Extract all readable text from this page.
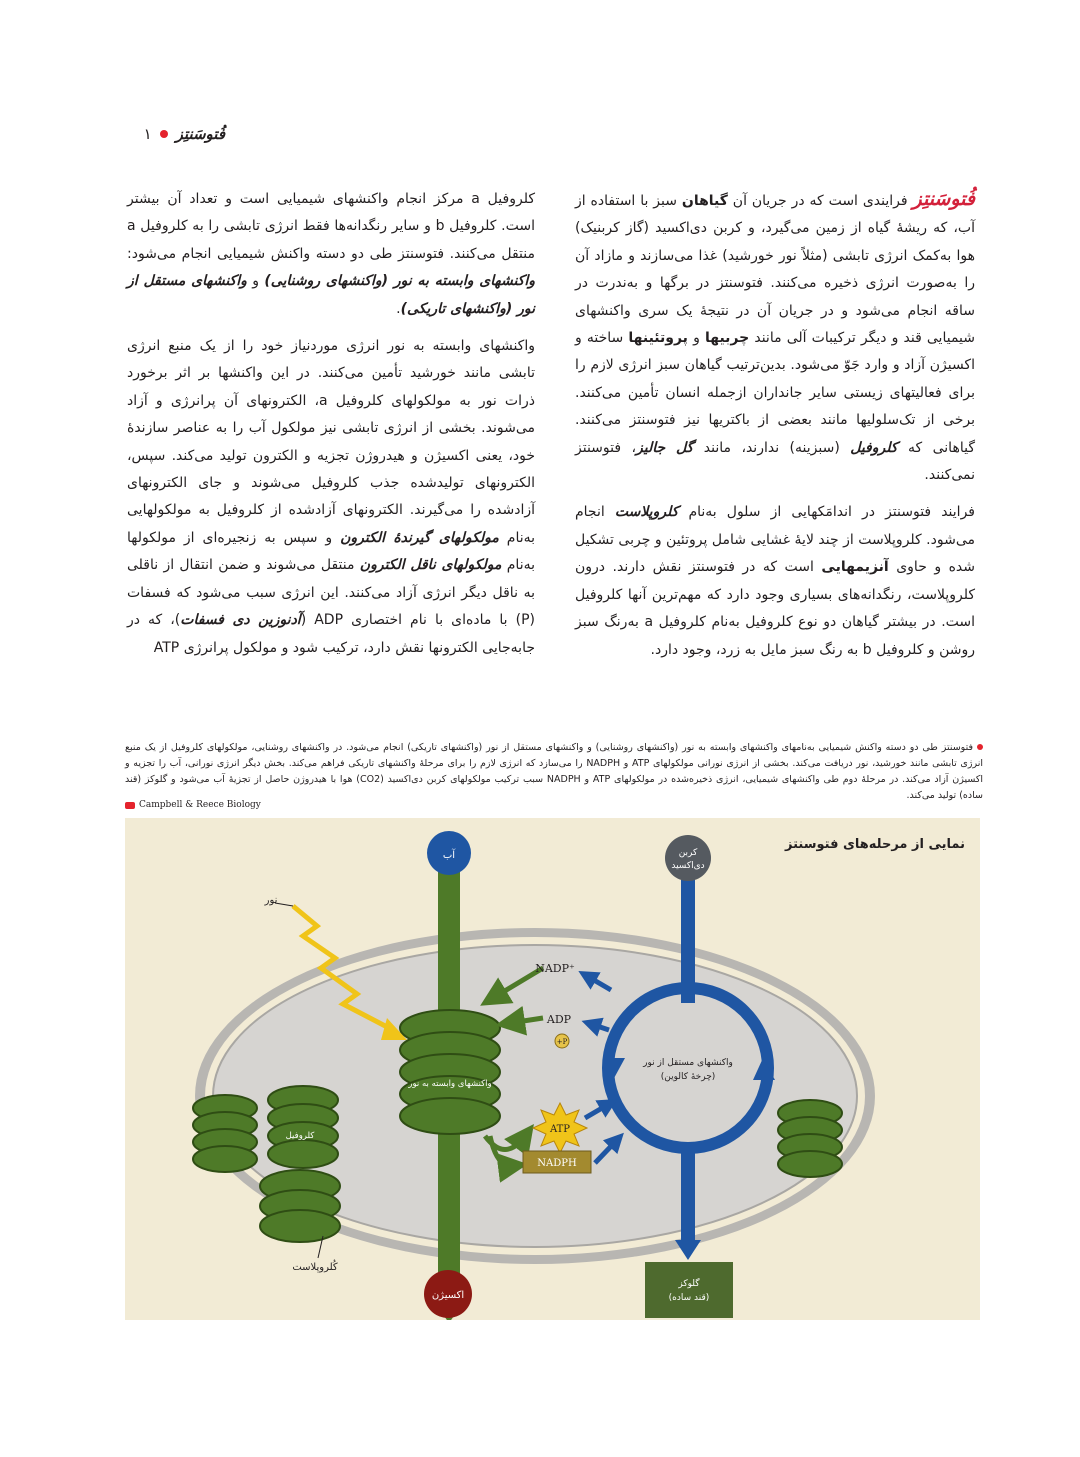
فُتوسَنتِز
۱

فُتوسَنتِز فرایندی است که در جریان آن گیاهان سبز با استفاده از آب، که ریشهٔ گیاه از زمین می‌گیرد، و کربن دی‌اکسید (گاز کربنیک) هوا به‌کمک انرژی تابشی (مثلاً نور خورشید) غذا می‌سازند و مازاد آن را به‌صورت انرژی ذخیره می‌کنند. فتوسنتز در برگها و به‌ندرت در ساقه انجام می‌شود و در جریان آن در نتیجهٔ یک سری واکنشهای شیمیایی قند و دیگر ترکیبات آلی مانند چربیها و پروتئینها ساخته و اکسیژن آزاد و وارد جَوّ می‌شود. بدین‌ترتیب گیاهان سبز انرژی لازم را برای فعالیتهای زیستی سایر جانداران ازجمله انسان تأمین می‌کنند. برخی از تک‌سلولیها مانند بعضی از باکتریها نیز فتوسنتز می‌کنند. گیاهانی که کلروفیل (سبزینه) ندارند، مانند گل جالیز، فتوسنتز نمی‌کنند.

فرایند فتوسنتز در اندامَکهایی از سلول به‌نام کلروپلاست انجام می‌شود. کلروپلاست از چند لایهٔ غشایی شامل پروتئین و چربی تشکیل شده و حاوی آنزیمهایی است که در فتوسنتز نقش دارند. درون کلروپلاست، رنگدانه‌های بسیاری وجود دارد که مهم‌ترین آنها کلروفیل است. در بیشتر گیاهان دو نوع کلروفیل به‌نام کلروفیل a به‌رنگ سبز روشن و کلروفیل b به رنگ سبز مایل به زرد، وجود دارد.

کلروفیل a مرکز انجام واکنشهای شیمیایی است و تعداد آن بیشتر است. کلروفیل b و سایر رنگدانه‌ها فقط انرژی تابشی را به کلروفیل a منتقل می‌کنند. فتوسنتز طی دو دسته واکنش شیمیایی انجام می‌شود: واکنشهای وابسته به نور (واکنشهای روشنایی) و واکنشهای مستقل از نور (واکنشهای تاریکی).

واکنشهای وابسته به نور انرژی موردنیاز خود را از یک منبع انرژی تابشی مانند خورشید تأمین می‌کنند. در این واکنشها بر اثر برخورد ذرات نور به مولکولهای کلروفیل a، الکترونهای آن پرانرژی و آزاد می‌شوند. بخشی از انرژی تابشی نیز مولکول آب را به عناصر سازندهٔ خود، یعنی اکسیژن و هیدروژن تجزیه و الکترون تولید می‌کند. سپس، الکترونهای تولیدشده جذب کلروفیل می‌شوند و جای الکترونهای آزادشده را می‌گیرند. الکترونهای آزادشده از کلروفیل به مولکولهایی به‌نام مولکولهای گیرندهٔ الکترون و سپس به زنجیره‌ای از مولکولها به‌نام مولکولهای ناقل الکترون منتقل می‌شوند و ضمن انتقال از ناقلی به ناقل دیگر انرژی آزاد می‌کنند. این انرژی سبب می‌شود که فسفات (P) با ماده‌ای با نام اختصاری ADP (آدنوزین دی فسفات)، که در جابه‌جایی الکترونها نقش دارد، ترکیب شود و مولکول پرانرژی ATP

فتوسنتز طی دو دسته واکنش شیمیایی به‌نامهای واکنشهای وابسته به نور (واکنشهای روشنایی) و واکنشهای مستقل از نور (واکنشهای تاریکی) انجام می‌شود. در واکنشهای روشنایی، مولکولهای کلروفیل از یک منبع انرژی تابشی مانند خورشید، نور دریافت می‌کند. بخشی از انرژی نورانی مولکولهای ATP و NADPH را می‌سازد که انرژی لازم را برای مرحلهٔ واکنشهای تاریکی فراهم می‌کند. بخش دیگر انرژی نورانی، آب را تجزیه و اکسیژن آزاد می‌کند. در مرحلهٔ دوم طی واکنشهای شیمیایی، انرژی ذخیره‌شده در مولکولهای ATP و NADPH سبب ترکیب مولکولهای کربن دی‌اکسید (CO2) هوا با هیدروژن حاصل از تجزیهٔ آب می‌شود و گلوکز (قند ساده) تولید می‌کند.
Campbell & Reece Biology
نمایی از مرحله‌های فتوسنتز
آب	کربن
دی‌اکسید
نور
NADP⁺
ADP
+P
واکنشهای وابسته به نور
کلروفیل
ATP
NADPH
واکنشهای مستقل از نور
(چرخهٔ کالوین)
کُلروپلاست
اکسیژن
گلوکز
(قند ساده)
